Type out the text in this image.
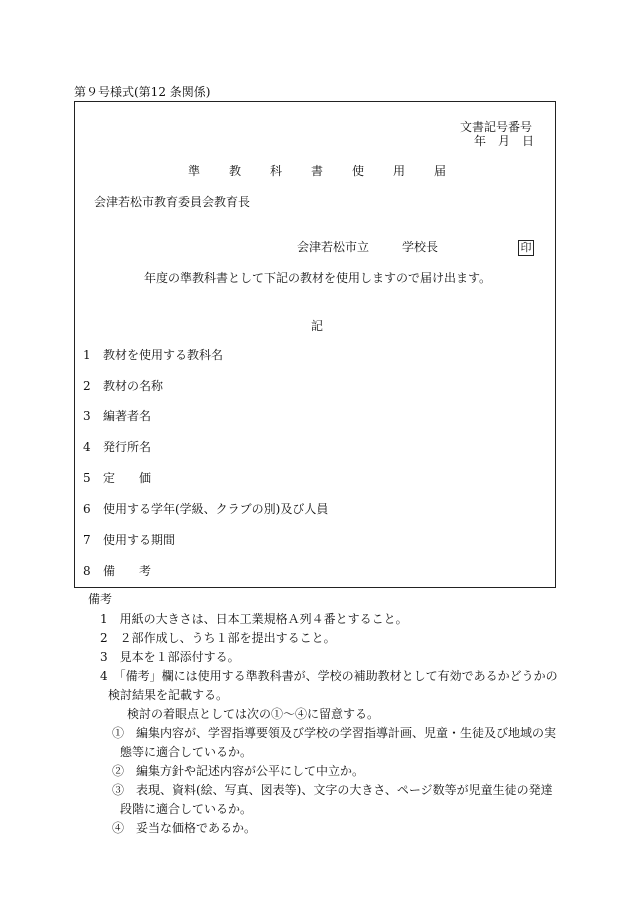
第９号様式(第12 条関係)
文書記号番号
年 月 日
準 教 科 書 使 用 届
会津若松市教育委員会教育長
会津若松市立	学校長	印
年度の準教科書として下記の教材を使用しますので届け出ます。
記
1 教材を使用する教科名
2 教材の名称
3 編著者名
4 発行所名
5 定　　価
6 使用する学年(学級、クラブの別)及び人員
7 使用する期間
8 備　　考
備考
1　用紙の大きさは、日本工業規格Ａ列４番とすること。
2　２部作成し、うち１部を提出すること。
3　見本を１部添付する。
4　「備考」欄には使用する準教科書が、学校の補助教材として有効であるかどうかの
検討結果を記載する。
検討の着眼点としては次の①～④に留意する。
①　編集内容が、学習指導要領及び学校の学習指導計画、児童・生徒及び地域の実
態等に適合しているか。
②　編集方針や記述内容が公平にして中立か。
③　表現、資料(絵、写真、図表等)、文字の大きさ、ページ数等が児童生徒の発達
段階に適合しているか。
④　妥当な価格であるか。
